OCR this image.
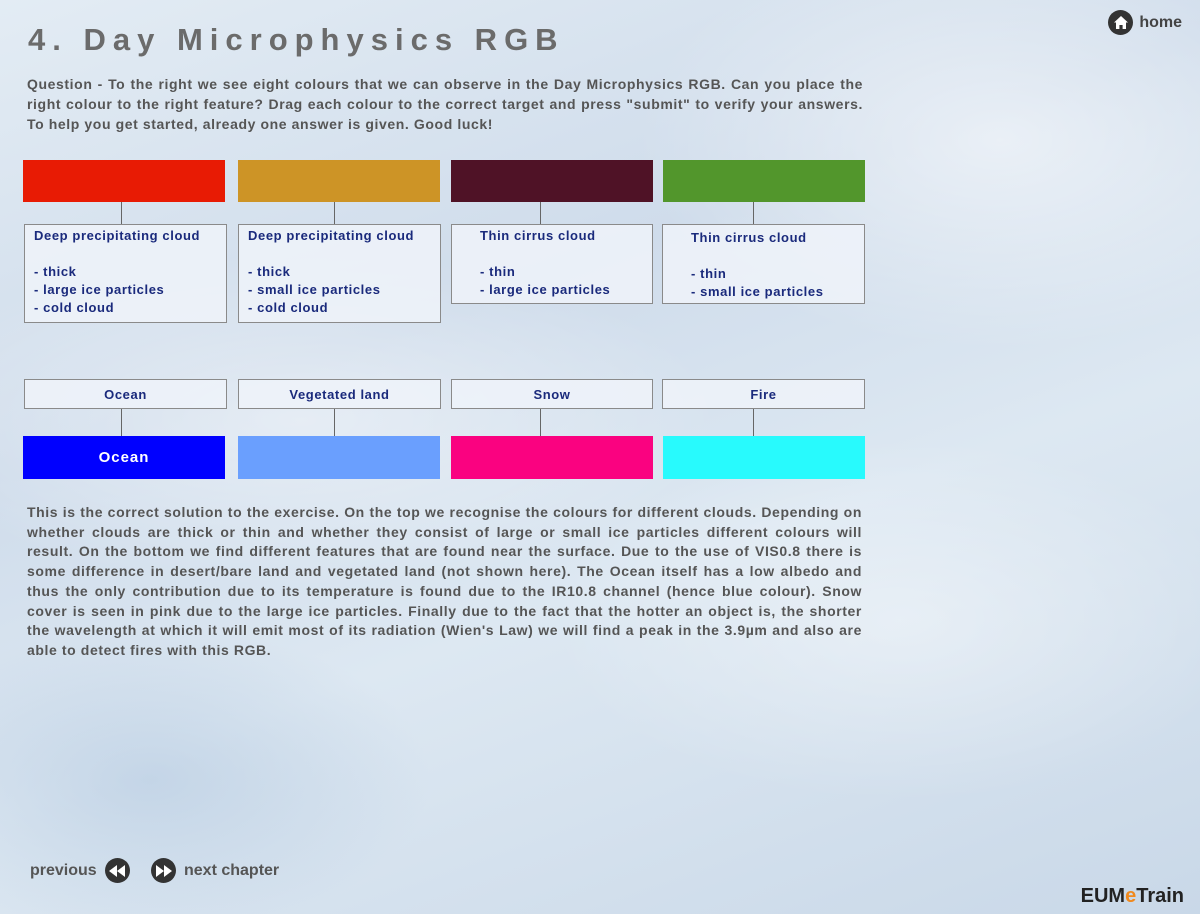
4. Day Microphysics RGB	home
Question - To the right we see eight colours that we can observe in the Day Microphysics RGB. Can you place the right colour to the right feature? Drag each colour to the correct target and press "submit" to verify your answers. To help you get started, already one answer is given. Good luck!
Deep precipitating cloud
- thick
- large ice particles
- cold cloud
Deep precipitating cloud
- thick
- small ice particles
- cold cloud
Thin cirrus cloud
- thin
- large ice particles
Thin cirrus cloud
- thin
- small ice particles
Ocean	Vegetated land	Snow	Fire
Ocean
This is the correct solution to the exercise. On the top we recognise the colours for different clouds. Depending on whether clouds are thick or thin and whether they consist of large or small ice particles different colours will result. On the bottom we find different features that are found near the surface. Due to the use of VIS0.8 there is some difference in desert/bare land and vegetated land (not shown here). The Ocean itself has a low albedo and thus the only contribution due to its temperature is found due to the IR10.8 channel (hence blue colour). Snow cover is seen in pink due to the large ice particles. Finally due to the fact that the hotter an object is, the shorter the wavelength at which it will emit most of its radiation (Wien's Law) we will find a peak in the 3.9µm and also are able to detect fires with this RGB.
previous	next chapter
EUMeTrain
